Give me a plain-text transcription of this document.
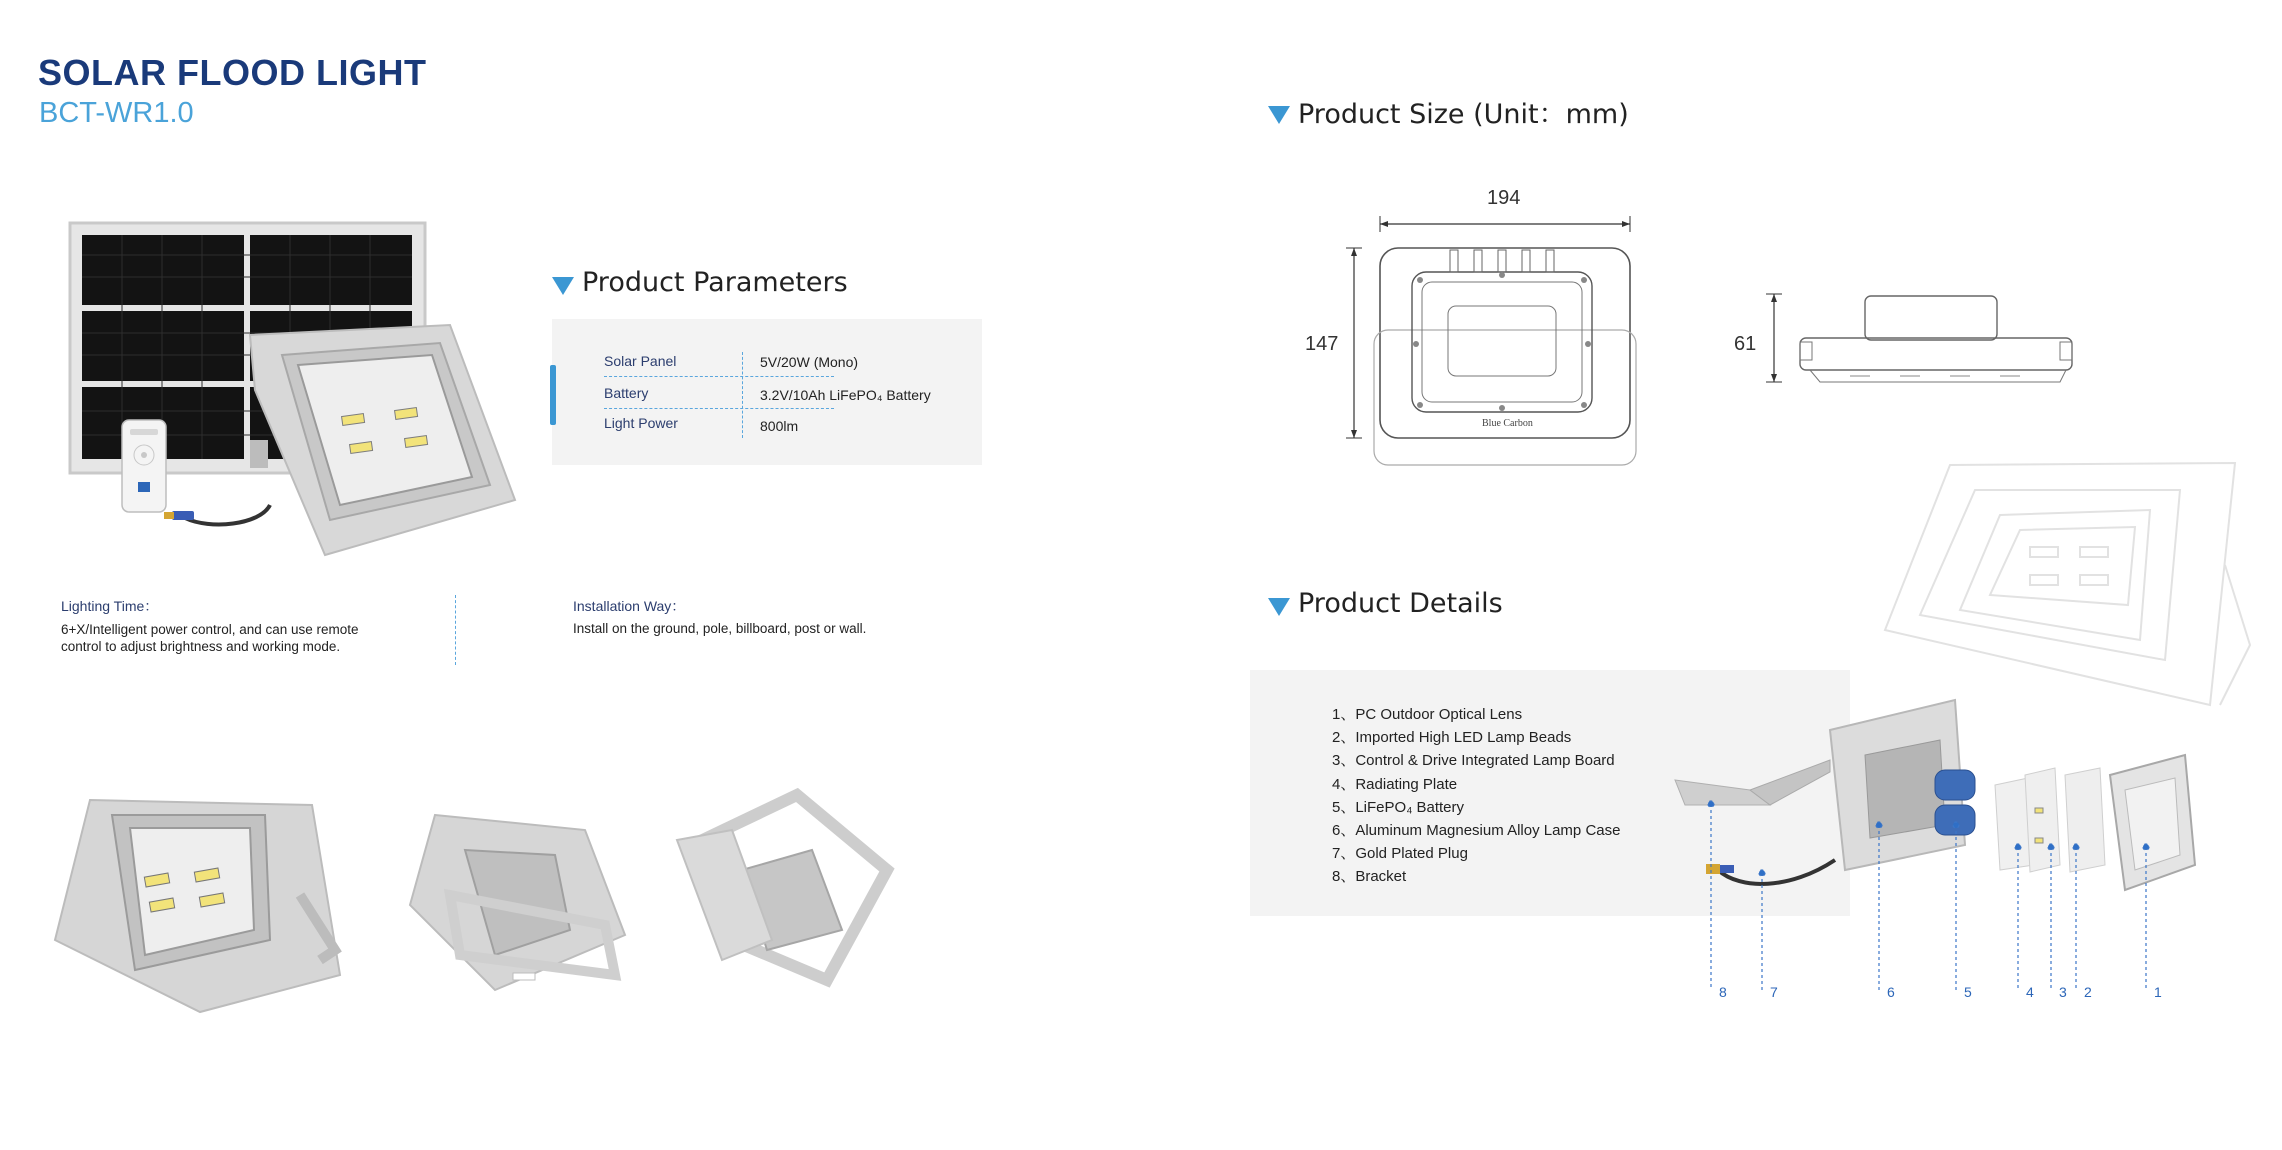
SOLAR FLOOD LIGHT
BCT-WR1.0
Product Parameters
Solar Panel	5V/20W (Mono)
Battery	3.2V/10Ah LiFePO₄ Battery
Light Power	800lm
Lighting Time：
6+X/Intelligent power control, and can use remote
control to adjust brightness and working mode.
Installation Way：
Install on the ground, pole, billboard, post or wall.
Product Size (Unit：mm)
194
147
Blue Carbon
61
Product Details
1、PC Outdoor Optical Lens
2、Imported High LED Lamp Beads
3、Control & Drive Integrated Lamp Board
4、Radiating Plate
5、LiFePO₄ Battery
6、Aluminum Magnesium Alloy Lamp Case
7、Gold Plated Plug
8、Bracket
8	7	6	5	4 3 2	1
